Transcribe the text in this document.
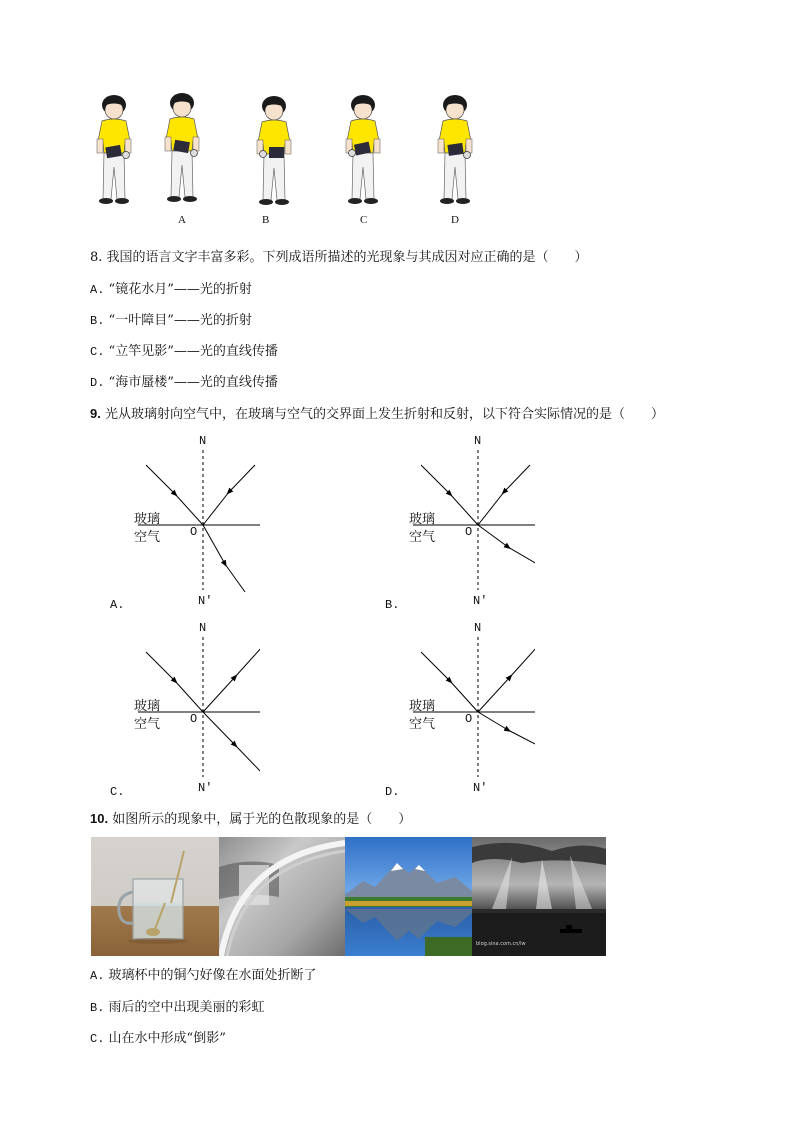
A	B	C	D
8. 我国的语言文字丰富多彩。下列成语所描述的光现象与其成因对应正确的是（　　）
A. “镜花水月”——光的折射
B. “一叶障目”——光的折射
C. “立竿见影”——光的直线传播
D. “海市蜃楼”——光的直线传播
9. 光从玻璃射向空气中，在玻璃与空气的交界面上发生折射和反射，以下符合实际情况的是（　　）
N
玻璃
空气 O
N'
A.
N
玻璃
空气 O
N'
B.
N
玻璃
空气 O
N'
C.
N
玻璃
空气 O
N'
D.
10. 如图所示的现象中，属于光的色散现象的是（　　）
blog.sina.com.cn/lw
A. 玻璃杯中的铜勺好像在水面处折断了
B. 雨后的空中出现美丽的彩虹
C. 山在水中形成“倒影”
